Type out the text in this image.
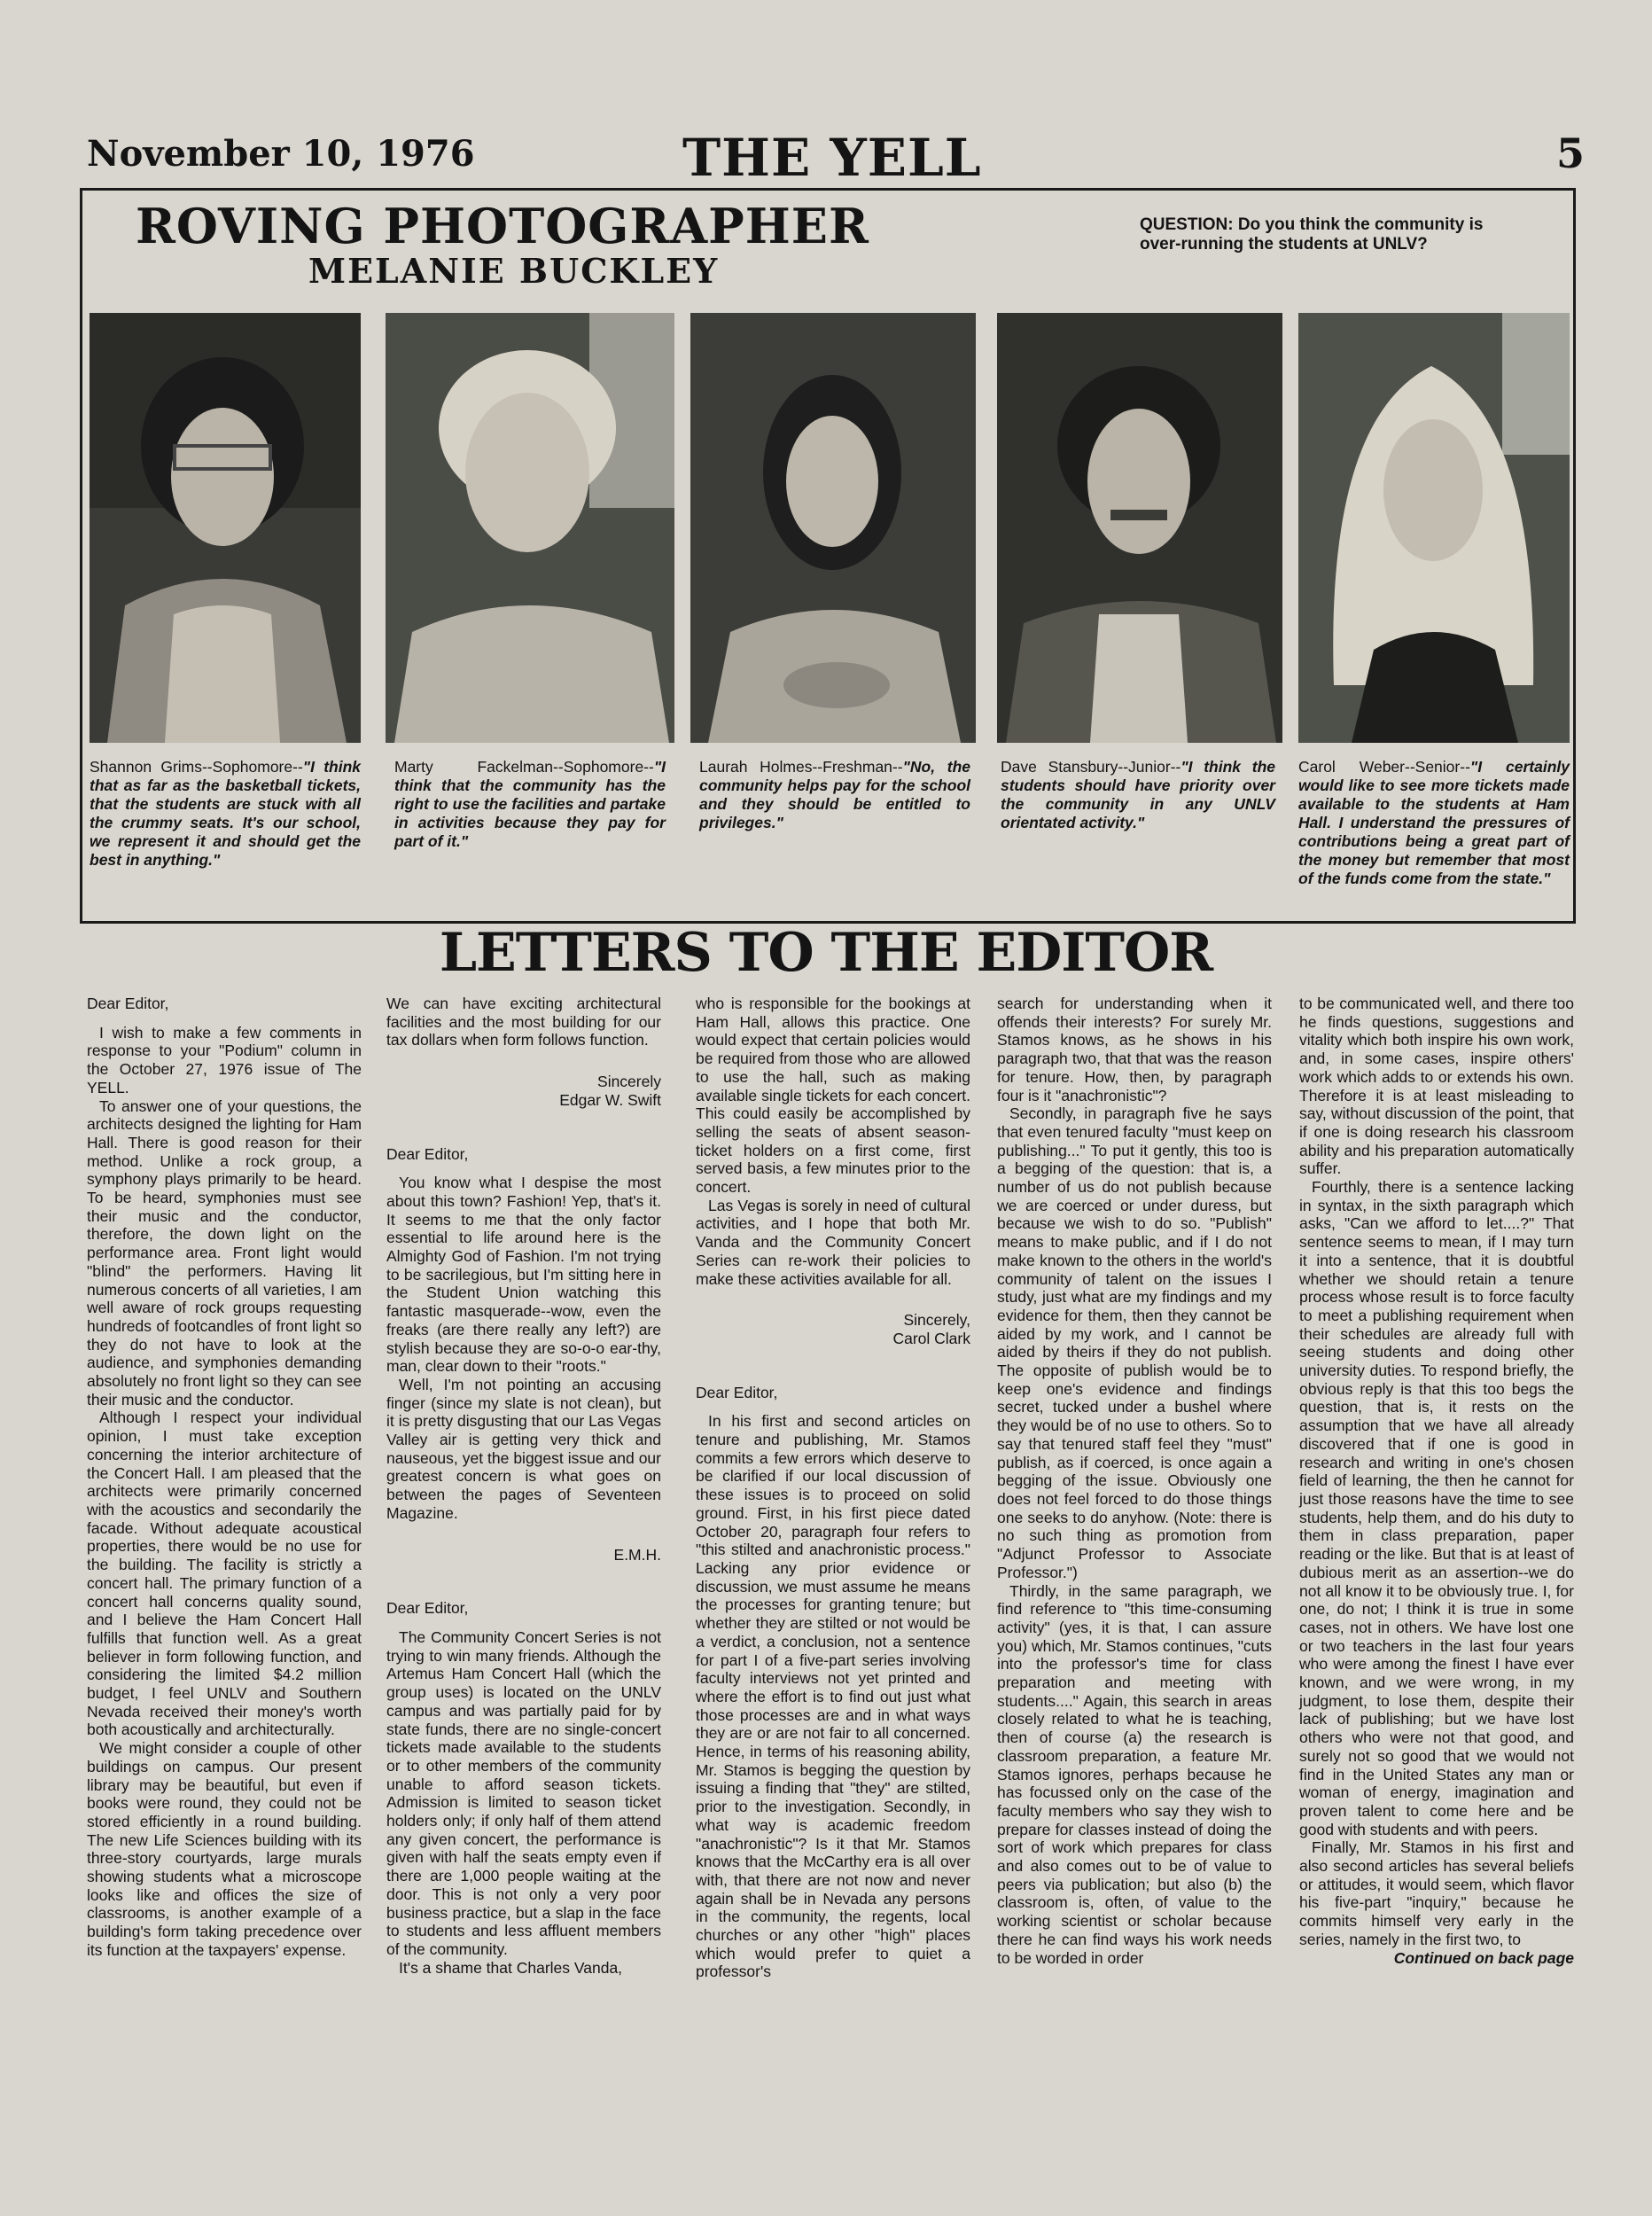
November 10, 1976	THE YELL	5
ROVING PHOTOGRAPHER
MELANIE BUCKLEY
QUESTION: Do you think the community is over-running the students at UNLV?
Shannon Grims--Sophomore--"I think that as far as the basketball tickets, that the students are stuck with all the crummy seats. It's our school, we represent it and should get the best in anything."
Marty Fackelman--Sophomore--"I think that the community has the right to use the facilities and partake in activities because they pay for part of it."
Laurah Holmes--Freshman--"No, the community helps pay for the school and they should be entitled to privileges."
Dave Stansbury--Junior--"I think the students should have priority over the community in any UNLV orientated activity."
Carol Weber--Senior--"I certainly would like to see more tickets made available to the students at Ham Hall. I understand the pressures of contributions being a great part of the money but remember that most of the funds come from the state."
LETTERS TO THE EDITOR

Dear Editor,

I wish to make a few comments in response to your "Podium" column in the October 27, 1976 issue of The YELL.

To answer one of your questions, the architects designed the lighting for Ham Hall. There is good reason for their method. Unlike a rock group, a symphony plays primarily to be heard. To be heard, symphonies must see their music and the conductor, therefore, the down light on the performance area. Front light would "blind" the performers. Having lit numerous concerts of all varieties, I am well aware of rock groups requesting hundreds of footcandles of front light so they do not have to look at the audience, and symphonies demanding absolutely no front light so they can see their music and the conductor.

Although I respect your individual opinion, I must take exception concerning the interior architecture of the Concert Hall. I am pleased that the architects were primarily concerned with the acoustics and secondarily the facade. Without adequate acoustical properties, there would be no use for the building. The facility is strictly a concert hall. The primary function of a concert hall concerns quality sound, and I believe the Ham Concert Hall fulfills that function well. As a great believer in form following function, and considering the limited $4.2 million budget, I feel UNLV and Southern Nevada received their money's worth both acoustically and architecturally.

We might consider a couple of other buildings on campus. Our present library may be beautiful, but even if books were round, they could not be stored efficiently in a round building. The new Life Sciences building with its three-story courtyards, large murals showing students what a microscope looks like and offices the size of classrooms, is another example of a building's form taking precedence over its function at the taxpayers' expense.

We can have exciting architectural facilities and the most building for our tax dollars when form follows function.

Sincerely

Edgar W. Swift

Dear Editor,

You know what I despise the most about this town? Fashion! Yep, that's it. It seems to me that the only factor essential to life around here is the Almighty God of Fashion. I'm not trying to be sacrilegious, but I'm sitting here in the Student Union watching this fantastic masquerade--wow, even the freaks (are there really any left?) are stylish because they are so-o-o ear-thy, man, clear down to their "roots."

Well, I'm not pointing an accusing finger (since my slate is not clean), but it is pretty disgusting that our Las Vegas Valley air is getting very thick and nauseous, yet the biggest issue and our greatest concern is what goes on between the pages of Seventeen Magazine.

E.M.H.

Dear Editor,

The Community Concert Series is not trying to win many friends. Although the Artemus Ham Concert Hall (which the group uses) is located on the UNLV campus and was partially paid for by state funds, there are no single-concert tickets made available to the students or to other members of the community unable to afford season tickets. Admission is limited to season ticket holders only; if only half of them attend any given concert, the performance is given with half the seats empty even if there are 1,000 people waiting at the door. This is not only a very poor business practice, but a slap in the face to students and less affluent members of the community.

It's a shame that Charles Vanda,

who is responsible for the bookings at Ham Hall, allows this practice. One would expect that certain policies would be required from those who are allowed to use the hall, such as making available single tickets for each concert. This could easily be accomplished by selling the seats of absent season-ticket holders on a first come, first served basis, a few minutes prior to the concert.

Las Vegas is sorely in need of cultural activities, and I hope that both Mr. Vanda and the Community Concert Series can re-work their policies to make these activities available for all.

Sincerely,

Carol Clark

Dear Editor,

In his first and second articles on tenure and publishing, Mr. Stamos commits a few errors which deserve to be clarified if our local discussion of these issues is to proceed on solid ground. First, in his first piece dated October 20, paragraph four refers to "this stilted and anachronistic process." Lacking any prior evidence or discussion, we must assume he means the processes for granting tenure; but whether they are stilted or not would be a verdict, a conclusion, not a sentence for part I of a five-part series involving faculty interviews not yet printed and where the effort is to find out just what those processes are and in what ways they are or are not fair to all concerned. Hence, in terms of his reasoning ability, Mr. Stamos is begging the question by issuing a finding that "they" are stilted, prior to the investigation. Secondly, in what way is academic freedom "anachronistic"? Is it that Mr. Stamos knows that the McCarthy era is all over with, that there are not now and never again shall be in Nevada any persons in the community, the regents, local churches or any other "high" places which would prefer to quiet a professor's

search for understanding when it offends their interests? For surely Mr. Stamos knows, as he shows in his paragraph two, that that was the reason for tenure. How, then, by paragraph four is it "anachronistic"?

Secondly, in paragraph five he says that even tenured faculty "must keep on publishing..." To put it gently, this too is a begging of the question: that is, a number of us do not publish because we are coerced or under duress, but because we wish to do so. "Publish" means to make public, and if I do not make known to the others in the world's community of talent on the issues I study, just what are my findings and my evidence for them, then they cannot be aided by my work, and I cannot be aided by theirs if they do not publish. The opposite of publish would be to keep one's evidence and findings secret, tucked under a bushel where they would be of no use to others. So to say that tenured staff feel they "must" publish, as if coerced, is once again a begging of the issue. Obviously one does not feel forced to do those things one seeks to do anyhow. (Note: there is no such thing as promotion from "Adjunct Professor to Associate Professor.")

Thirdly, in the same paragraph, we find reference to "this time-consuming activity" (yes, it is that, I can assure you) which, Mr. Stamos continues, "cuts into the professor's time for class preparation and meeting with students...." Again, this search in areas closely related to what he is teaching, then of course (a) the research is classroom preparation, a feature Mr. Stamos ignores, perhaps because he has focussed only on the case of the faculty members who say they wish to prepare for classes instead of doing the sort of work which prepares for class and also comes out to be of value to peers via publication; but also (b) the classroom is, often, of value to the working scientist or scholar because there he can find ways his work needs to be worded in order

to be communicated well, and there too he finds questions, suggestions and vitality which both inspire his own work, and, in some cases, inspire others' work which adds to or extends his own. Therefore it is at least misleading to say, without discussion of the point, that if one is doing research his classroom ability and his preparation automatically suffer.

Fourthly, there is a sentence lacking in syntax, in the sixth paragraph which asks, "Can we afford to let....?" That sentence seems to mean, if I may turn it into a sentence, that it is doubtful whether we should retain a tenure process whose result is to force faculty to meet a publishing requirement when their schedules are already full with seeing students and doing other university duties. To respond briefly, the obvious reply is that this too begs the question, that is, it rests on the assumption that we have all already discovered that if one is good in research and writing in one's chosen field of learning, the then he cannot for just those reasons have the time to see students, help them, and do his duty to them in class preparation, paper reading or the like. But that is at least of dubious merit as an assertion--we do not all know it to be obviously true. I, for one, do not; I think it is true in some cases, not in others. We have lost one or two teachers in the last four years who were among the finest I have ever known, and we were wrong, in my judgment, to lose them, despite their lack of publishing; but we have lost others who were not that good, and surely not so good that we would not find in the United States any man or woman of energy, imagination and proven talent to come here and be good with students and with peers.

Finally, Mr. Stamos in his first and also second articles has several beliefs or attitudes, it would seem, which flavor his five-part "inquiry," because he commits himself very early in the series, namely in the first two, to

Continued on back page
